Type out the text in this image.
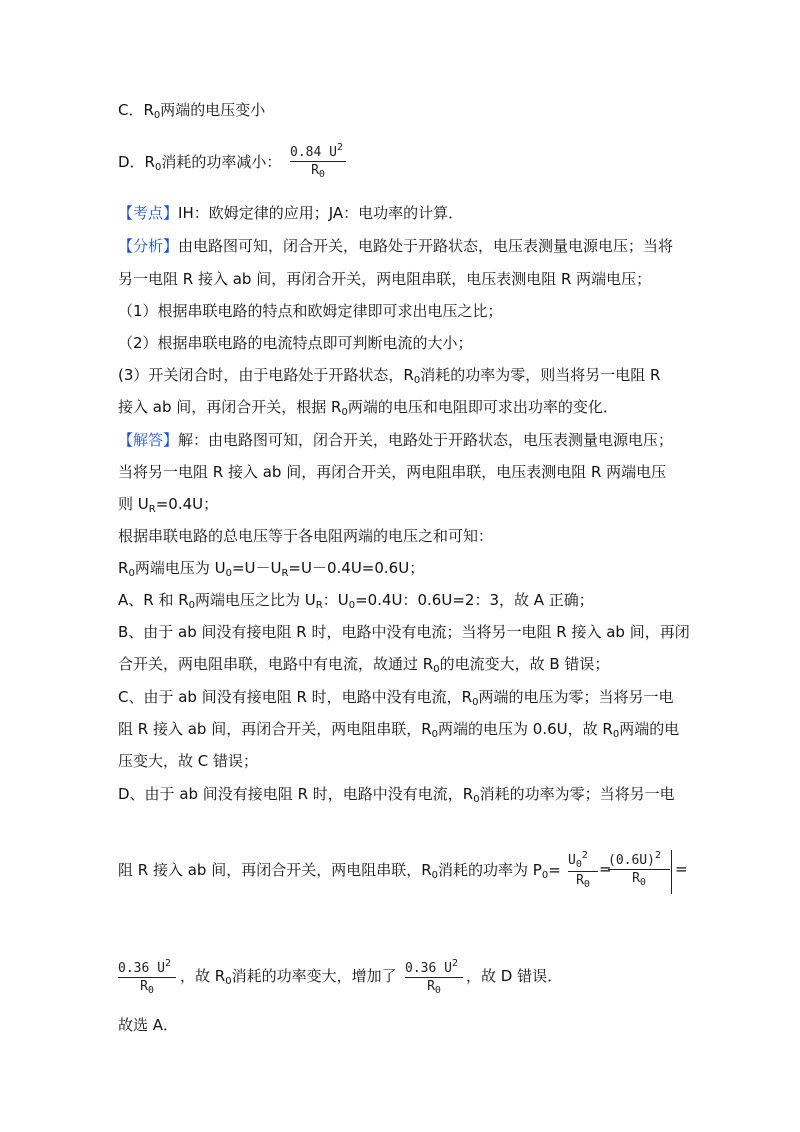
C．$R_0$两端的电压变小
D．$R_0$消耗的功率减小：
0.84 $U^2$
$R_0$
【考点】IH：欧姆定律的应用；JA：电功率的计算．
【分析】由电路图可知，闭合开关，电路处于开路状态，电压表测量电源电压；当将
另一电阻 R 接入 ab 间，再闭合开关，两电阻串联，电压表测电阻 R 两端电压；
（1）根据串联电路的特点和欧姆定律即可求出电压之比；
（2）根据串联电路的电流特点即可判断电流的大小；
(3）开关闭合时，由于电路处于开路状态，$R_0$消耗的功率为零，则当将另一电阻 R
接入 ab 间，再闭合开关，根据 $R_0$两端的电压和电阻即可求出功率的变化．
【解答】解：由电路图可知，闭合开关，电路处于开路状态，电压表测量电源电压；
当将另一电阻 R 接入 ab 间，再闭合开关，两电阻串联，电压表测电阻 R 两端电压
则 $U_R=0.4U$；
根据串联电路的总电压等于各电阻两端的电压之和可知：
$R_0$两端电压为 $U_0=U-U_R=U-0.4U=0.6U$；
A、R 和 $R_0$两端电压之比为 $U_R$：$U_0=0.4U$：0.6U=2：3，故 A 正确；
B、由于 ab 间没有接电阻 R 时，电路中没有电流；当将另一电阻 R 接入 ab 间，再闭
合开关，两电阻串联，电路中有电流，故通过 $R_0$的电流变大，故 B 错误；
C、由于 ab 间没有接电阻 R 时，电路中没有电流，$R_0$两端的电压为零；当将另一电
阻 R 接入 ab 间，再闭合开关，两电阻串联，$R_0$两端的电压为 0.6U，故 $R_0$两端的电
压变大，故 C 错误；
D、由于 ab 间没有接电阻 R 时，电路中没有电流，$R_0$消耗的功率为零；当将另一电
阻 R 接入 ab 间，再闭合开关，两电阻串联，$R_0$消耗的功率为 $P_0=$
$U_0^2$
$R_0$
=
$(0.6U)^2$
$R_0$
=
0.36 $U^2$
$R_0$
，故 $R_0$消耗的功率变大，增加了 0.36 $U^2$
$R_0$
，故 D 错误．
故选 A．
